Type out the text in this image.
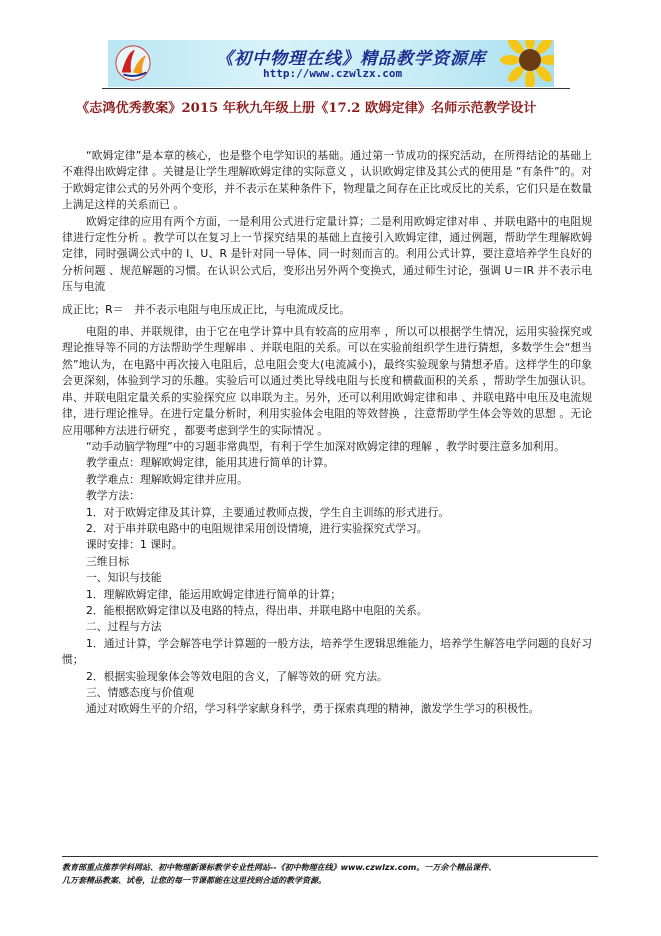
《初中物理在线》精品教学资源库
http://www.czwlzx.com
《志鸿优秀教案》2015 年秋九年级上册《17.2 欧姆定律》名师示范教学设计

“欧姆定律”是本章的核心，也是整个电学知识的基础。通过第一节成功的探究活动，在所得结论的基础上不难得出欧姆定律 。关键是让学生理解欧姆定律的实际意义 ，认识欧姆定律及其公式的使用是 “有条件”的。对于欧姆定律公式的另外两个变形，并不表示在某种条件下，物理量之间存在正比或反比的关系，它们只是在数量上满足这样的关系而已 。

欧姆定律的应用有两个方面，一是利用公式进行定量计算；二是利用欧姆定律对串 、并联电路中的电阻规律进行定性分析 。教学可以在复习上一节探究结果的基础上直接引入欧姆定律，通过例题，帮助学生理解欧姆定律，同时强调公式中的 I、U、R 是针对同一导体、同一时刻而言的。利用公式计算，要注意培养学生良好的分析问题 、规范解题的习惯。在认识公式后，变形出另外两个变换式，通过师生讨论，强调 U＝IR 并不表示电压与电流

成正比；R＝　并不表示电阻与电压成正比，与电流成反比。

电阻的串、并联规律，由于它在电学计算中具有较高的应用率 ，所以可以根据学生情况，运用实验探究或理论推导等不同的方法帮助学生理解串 、并联电阻的关系。可以在实验前组织学生进行猜想，多数学生会“想当然”地认为，在电路中再次接入电阻后，总电阻会变大(电流减小)，最终实验现象与猜想矛盾。这样学生的印象会更深刻，体验到学习的乐趣。实验后可以通过类比导线电阻与长度和横截面积的关系 ，帮助学生加强认识。串、并联电阻定量关系的实验探究应 以串联为主。另外，还可以利用欧姆定律和串 、并联电路中电压及电流规律，进行理论推导。在进行定量分析时，利用实验体会电阻的等效替换 ，注意帮助学生体会等效的思想 。无论应用哪种方法进行研究 ，都要考虑到学生的实际情况 。

“动手动脑学物理”中的习题非常典型，有利于学生加深对欧姆定律的理解 ，教学时要注意多加利用。

教学重点：理解欧姆定律，能用其进行简单的计算。

教学难点：理解欧姆定律并应用。

教学方法：

1．对于欧姆定律及其计算，主要通过教师点拨，学生自主训练的形式进行。

2．对于串并联电路中的电阻规律采用创设情境，进行实验探究式学习。

课时安排：1 课时。

三维目标

一、知识与技能

1．理解欧姆定律，能运用欧姆定律进行简单的计算；

2．能根据欧姆定律以及电路的特点，得出串、并联电路中电阻的关系。

二、过程与方法

1．通过计算，学会解答电学计算题的一般方法，培养学生逻辑思维能力，培养学生解答电学问题的良好习惯；

2．根据实验现象体会等效电阻的含义，了解等效的研 究方法。

三、情感态度与价值观

通过对欧姆生平的介绍，学习科学家献身科学，勇于探索真理的精神，激发学生学习的积极性。

教育部重点推荐学科网站、初中物理新课标教学专业性网站--《初中物理在线》www.czwlzx.com。一万余个精品课件、
几万套精品教案、试卷，让您的每一节课都能在这里找到合适的教学资源。
